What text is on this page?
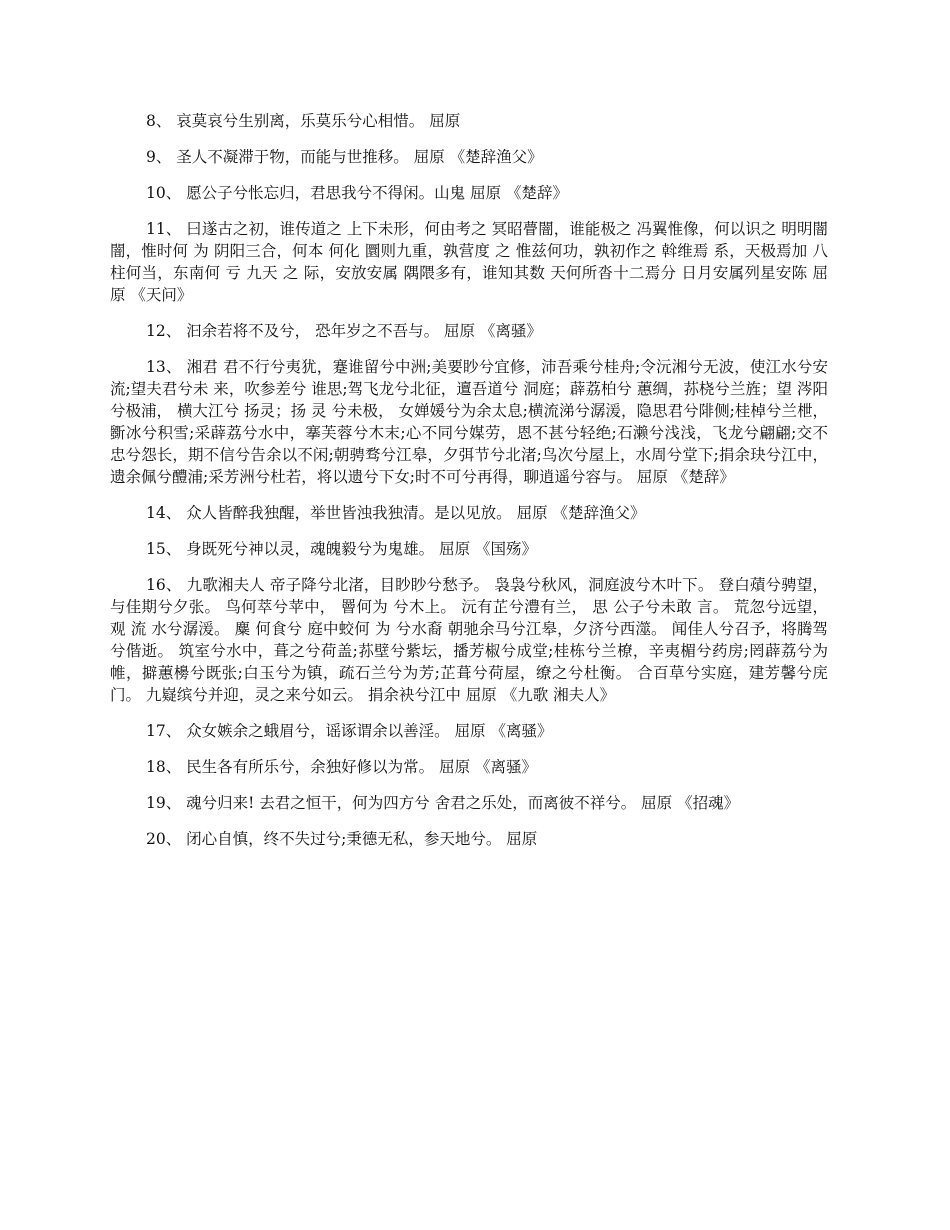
8、 哀莫哀兮生别离，乐莫乐兮心相惜。 屈原

9、 圣人不凝滞于物，而能与世推移。 屈原 《楚辞渔父》

10、 愿公子兮怅忘归，君思我兮不得闲。山鬼 屈原 《楚辞》

11、 曰遂古之初，谁传道之 上下未形，何由考之 冥昭瞢闇，谁能极之 冯翼惟像，何以识之 明明闇闇，惟时何 为 阴阳三合，何本 何化 圜则九重，孰营度 之 惟兹何功，孰初作之 斡维焉 系，天极焉加 八柱何当，东南何 亏 九天 之 际，安放安属 隅隈多有，谁知其数 天何所沓十二焉分 日月安属列星安陈 屈原 《天问》

12、 汩余若将不及兮， 恐年岁之不吾与。 屈原 《离骚》

13、 湘君 君不行兮夷犹，蹇谁留兮中洲;美要眇兮宜修，沛吾乘兮桂舟;令沅湘兮无波，使江水兮安流;望夫君兮未 来，吹参差兮 谁思;驾飞龙兮北征，邅吾道兮 洞庭；薜荔柏兮 蕙绸，荪桡兮兰旌；望 涔阳兮极浦， 横大江兮 扬灵；扬 灵 兮未极， 女婵媛兮为余太息;横流涕兮潺湲，隐思君兮陫侧;桂棹兮兰枻，斵冰兮积雪;采薜荔兮水中，搴芙蓉兮木末;心不同兮媒劳，恩不甚兮轻绝;石濑兮浅浅，飞龙兮翩翩;交不忠兮怨长，期不信兮告余以不闲;朝骋骛兮江皋，夕弭节兮北渚;鸟次兮屋上，水周兮堂下;捐余玦兮江中，遗余佩兮醴浦;采芳洲兮杜若，将以遗兮下女;时不可兮再得，聊逍遥兮容与。 屈原 《楚辞》

14、 众人皆醉我独醒，举世皆浊我独清。是以见放。 屈原 《楚辞渔父》

15、 身既死兮神以灵，魂魄毅兮为鬼雄。 屈原 《国殇》

16、 九歌湘夫人 帝子降兮北渚，目眇眇兮愁予。 袅袅兮秋风，洞庭波兮木叶下。 登白薠兮骋望，与佳期兮夕张。 鸟何萃兮苹中， 罾何为 兮木上。 沅有芷兮澧有兰， 思 公子兮未敢 言。 荒忽兮远望，观 流 水兮潺湲。 麋 何食兮 庭中蛟何 为 兮水裔 朝驰余马兮江皋，夕济兮西澨。 闻佳人兮召予，将腾驾兮偕逝。 筑室兮水中，葺之兮荷盖;荪壁兮紫坛，播芳椒兮成堂;桂栋兮兰橑，辛夷楣兮药房;罔薜荔兮为帷，擗蕙櫋兮既张;白玉兮为镇，疏石兰兮为芳;芷葺兮荷屋，缭之兮杜衡。 合百草兮实庭，建芳馨兮庑门。 九嶷缤兮并迎，灵之来兮如云。 捐余袂兮江中 屈原 《九歌 湘夫人》

17、 众女嫉余之蛾眉兮，谣诼谓余以善淫。 屈原 《离骚》

18、 民生各有所乐兮，余独好修以为常。 屈原 《离骚》

19、 魂兮归来! 去君之恒干，何为四方兮 舍君之乐处，而离彼不祥兮。 屈原 《招魂》

20、 闭心自慎，终不失过兮;秉德无私，参天地兮。 屈原
